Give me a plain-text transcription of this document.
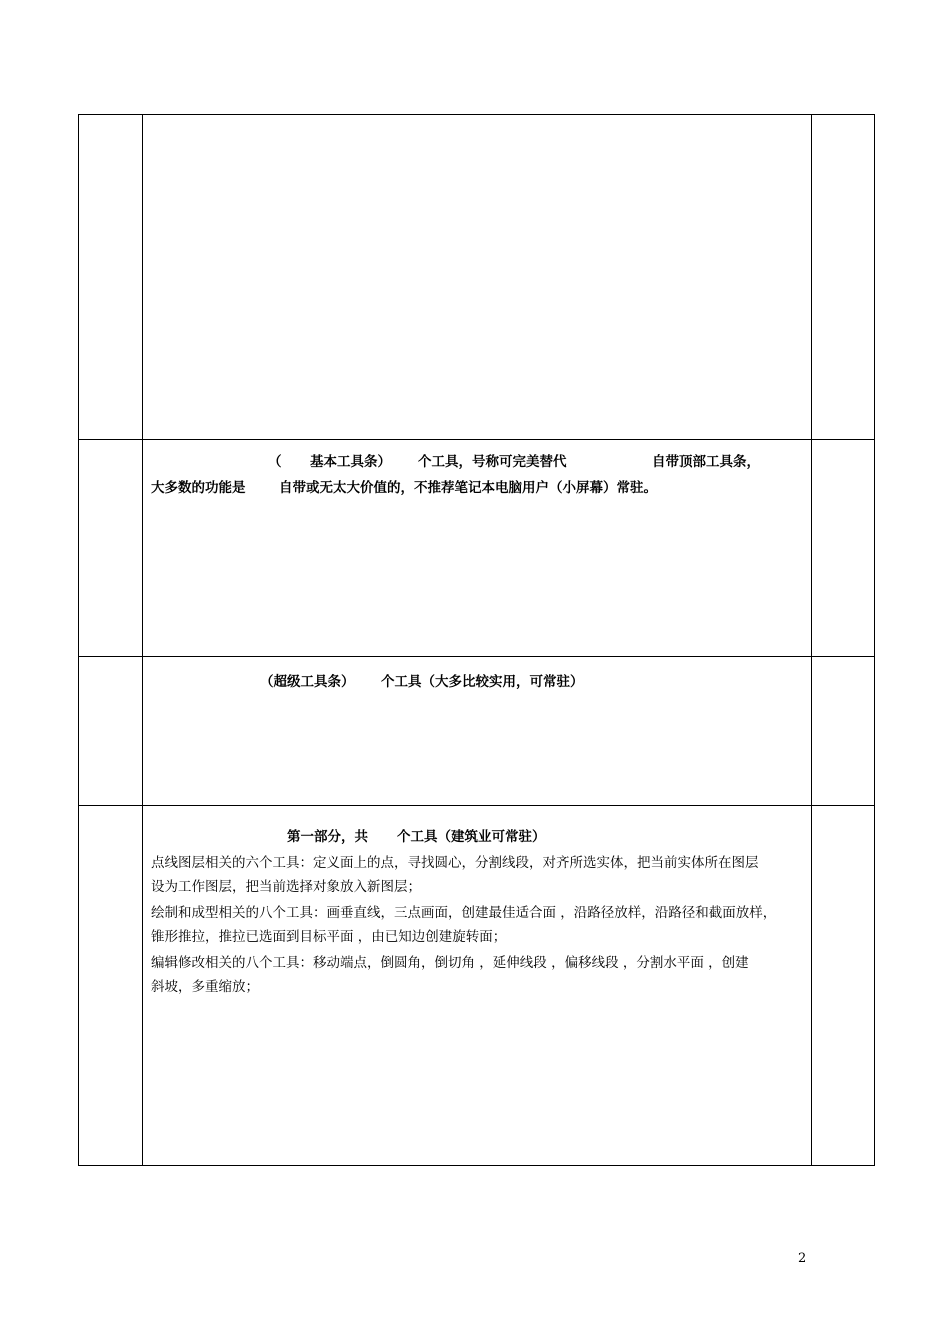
（ 基本工具条） 个工具，号称可完美替代	自带顶部工具条，
大多数的功能是 自带或无太大价值的，不推荐笔记本电脑用户（小屏幕）常驻。
（超级工具条） 个工具（大多比较实用，可常驻）
第一部分，共 个工具（建筑业可常驻）
点线图层相关的六个工具：定义面上的点，寻找圆心，分割线段，对齐所选实体，把当前实体所在图层
设为工作图层，把当前选择对象放入新图层；
绘制和成型相关的八个工具：画垂直线，三点画面，创建最佳适合面 ，沿路径放样，沿路径和截面放样，
锥形推拉，推拉已选面到目标平面 ，由已知边创建旋转面；
编辑修改相关的八个工具：移动端点，倒圆角，倒切角 ，延伸线段 ，偏移线段 ，分割水平面 ，创建
斜坡，多重缩放；
2
